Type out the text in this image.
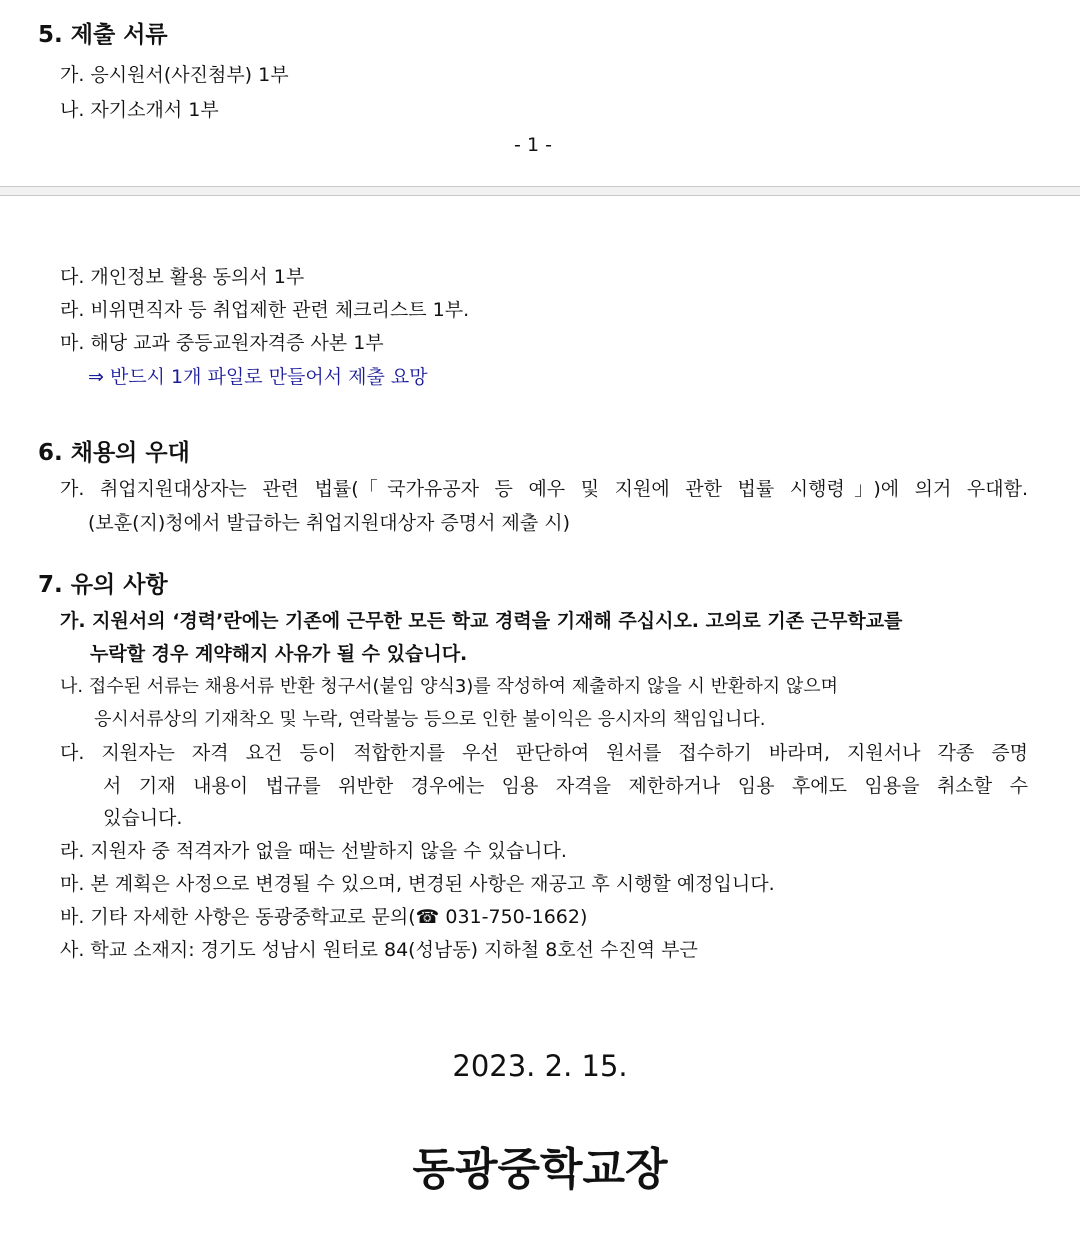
5. 제출 서류
가. 응시원서(사진첨부) 1부
나. 자기소개서 1부
- 1 -
다. 개인정보 활용 동의서 1부
라. 비위면직자 등 취업제한 관련 체크리스트 1부.
마. 해당 교과 중등교원자격증 사본 1부
⇒ 반드시 1개 파일로 만들어서 제출 요망
6. 채용의 우대
가. 취업지원대상자는 관련 법률(「국가유공자 등 예우 및 지원에 관한 법률 시행령」)에 의거 우대함.
(보훈(지)청에서 발급하는 취업지원대상자 증명서 제출 시)
7. 유의 사항
가. 지원서의 ‘경력’란에는 기존에 근무한 모든 학교 경력을 기재해 주십시오. 고의로 기존 근무학교를
누락할 경우 계약해지 사유가 될 수 있습니다.
나. 접수된 서류는 채용서류 반환 청구서(붙임 양식3)를 작성하여 제출하지 않을 시 반환하지 않으며
응시서류상의 기재착오 및 누락, 연락불능 등으로 인한 불이익은 응시자의 책임입니다.
다. 지원자는 자격 요건 등이 적합한지를 우선 판단하여 원서를 접수하기 바라며, 지원서나 각종 증명
서 기재 내용이 법규를 위반한 경우에는 임용 자격을 제한하거나 임용 후에도 임용을 취소할 수
있습니다.
라. 지원자 중 적격자가 없을 때는 선발하지 않을 수 있습니다.
마. 본 계획은 사정으로 변경될 수 있으며, 변경된 사항은 재공고 후 시행할 예정입니다.
바. 기타 자세한 사항은 동광중학교로 문의(☎ 031-750-1662)
사. 학교 소재지: 경기도 성남시 원터로 84(성남동) 지하철 8호선 수진역 부근
2023. 2. 15.
동광중학교장
